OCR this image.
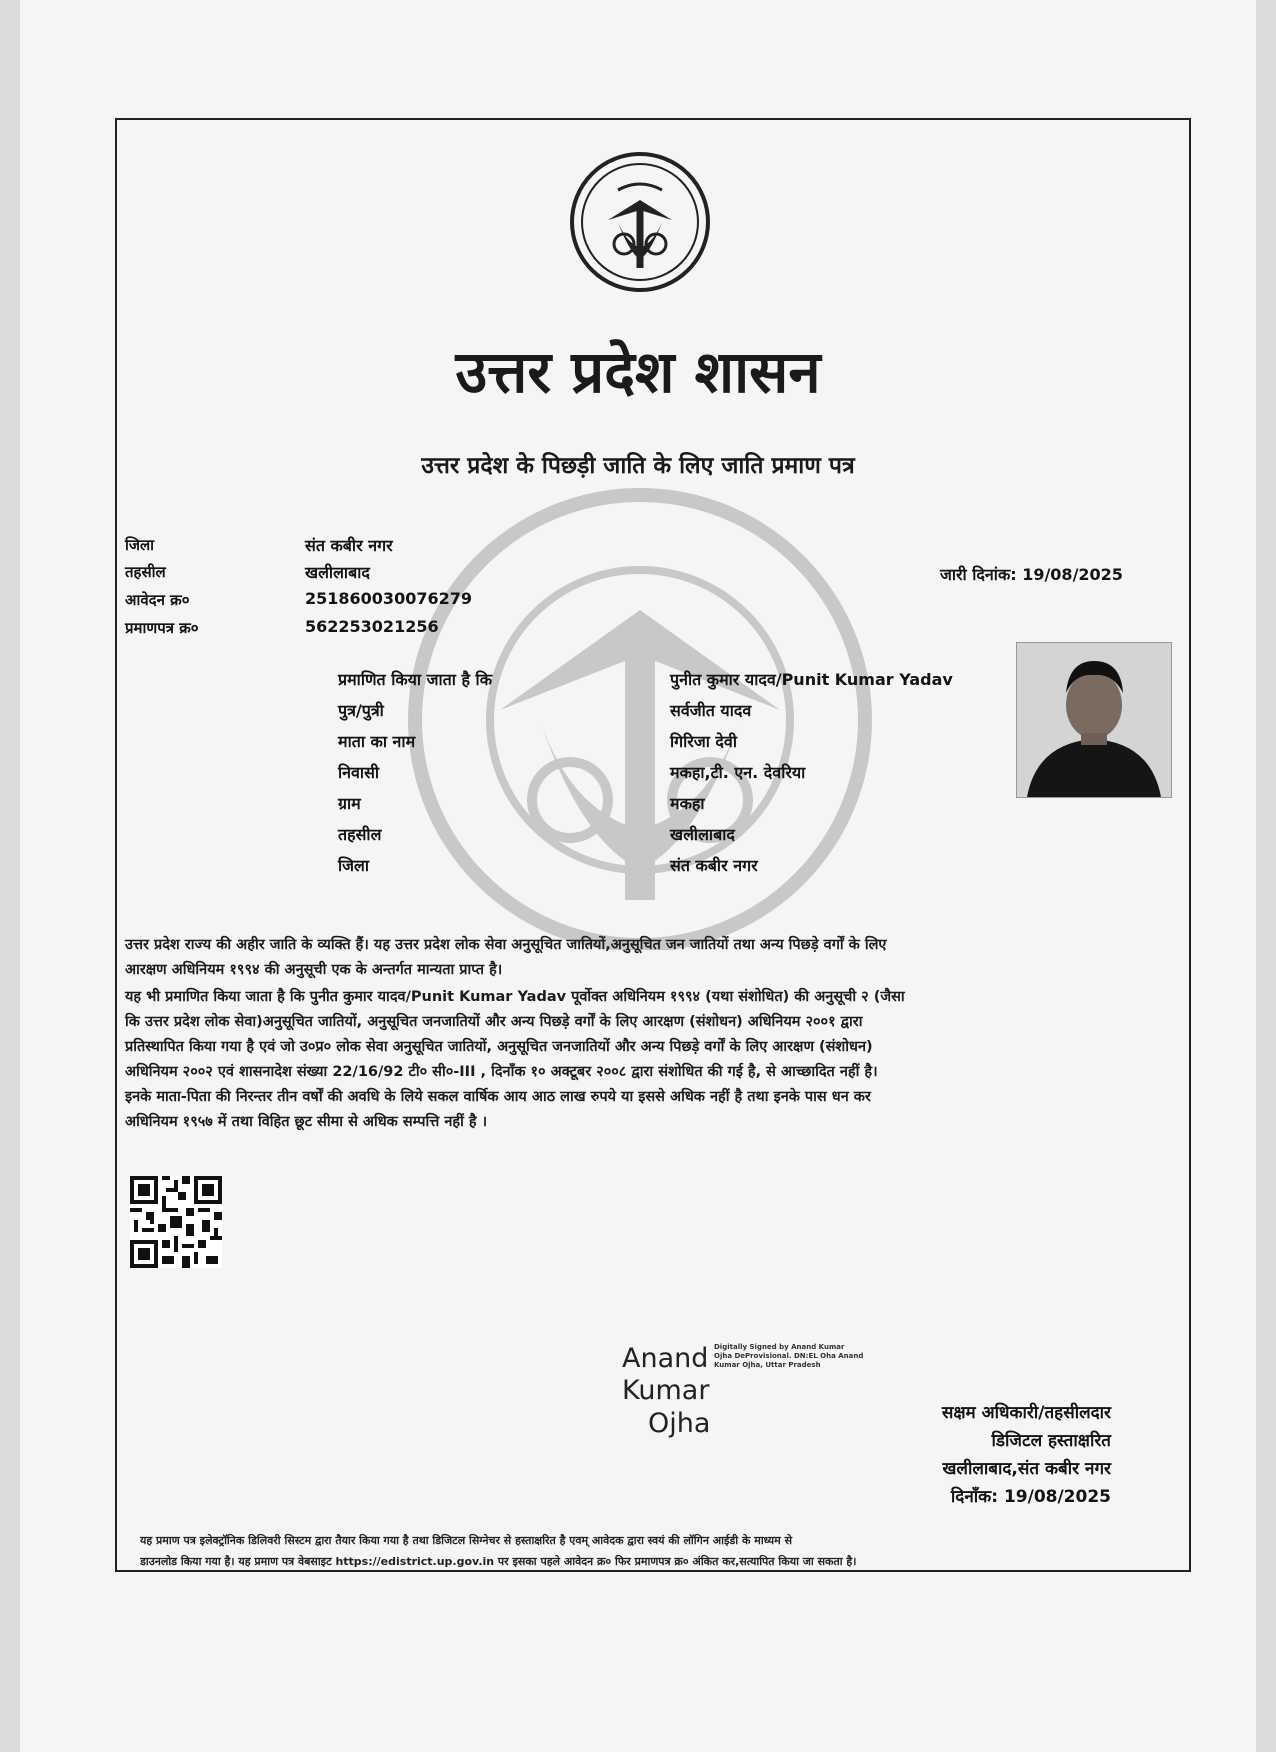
उत्तर प्रदेश शासन
उत्तर प्रदेश के पिछड़ी जाति के लिए जाति प्रमाण पत्र
जिला	संत कबीर नगर
तहसील	खलीलाबाद
आवेदन क्र०	251860030076279
प्रमाणपत्र क्र०	562253021256
जारी दिनांक: 19/08/2025
प्रमाणित किया जाता है कि	पुनीत कुमार यादव/Punit Kumar Yadav
पुत्र/पुत्री	सर्वजीत यादव
माता का नाम	गिरिजा देवी
निवासी	मकहा,टी. एन. देवरिया
ग्राम	मकहा
तहसील	खलीलाबाद
जिला	संत कबीर नगर
उत्तर प्रदेश राज्य की अहीर जाति के व्यक्ति हैं। यह उत्तर प्रदेश लोक सेवा अनुसूचित जातियों,अनुसूचित जन जातियों तथा अन्य पिछड़े वर्गों के लिए
आरक्षण अधिनियम १९९४ की अनुसूची एक के अन्तर्गत मान्यता प्राप्त है।
यह भी प्रमाणित किया जाता है कि पुनीत कुमार यादव/Punit Kumar Yadav पूर्वोक्त अधिनियम १९९४ (यथा संशोधित) की अनुसूची २ (जैसा
कि उत्तर प्रदेश लोक सेवा)अनुसूचित जातियों, अनुसूचित जनजातियों और अन्य पिछड़े वर्गों के लिए आरक्षण (संशोधन) अधिनियम २००१ द्वारा
प्रतिस्थापित किया गया है एवं जो उ०प्र० लोक सेवा अनुसूचित जातियों, अनुसूचित जनजातियों और अन्य पिछड़े वर्गों के लिए आरक्षण (संशोधन)
अधिनियम २००२ एवं शासनादेश संख्या 22/16/92 टी० सी०-III , दिनाँक १० अक्टूबर २००८ द्वारा संशोधित की गई है, से आच्छादित नहीं है।
इनके माता-पिता की निरन्तर तीन वर्षों की अवधि के लिये सकल वार्षिक आय आठ लाख रुपये या इससे अधिक नहीं है तथा इनके पास धन कर
अधिनियम १९५७ में तथा विहित छूट सीमा से अधिक सम्पत्ति नहीं है ।
Anand
Kumar
Ojha
Digitally Signed by Anand Kumar Ojha DeProvisional. DN:EL Oha Anand Kumar Ojha, Uttar Pradesh
सक्षम अधिकारी/तहसीलदार
डिजिटल हस्ताक्षरित
खलीलाबाद,संत कबीर नगर
दिनाँक: 19/08/2025
यह प्रमाण पत्र इलेक्ट्रॉनिक डिलिवरी सिस्टम द्वारा तैयार किया गया है तथा डिजिटल सिग्नेचर से हस्ताक्षरित है एवम् आवेदक द्वारा स्वयं की लॉगिन आईडी के माध्यम से
डाउनलोड किया गया है। यह प्रमाण पत्र वेबसाइट https://edistrict.up.gov.in पर इसका पहले आवेदन क्र० फिर प्रमाणपत्र क्र० अंकित कर,सत्यापित किया जा सकता है।
